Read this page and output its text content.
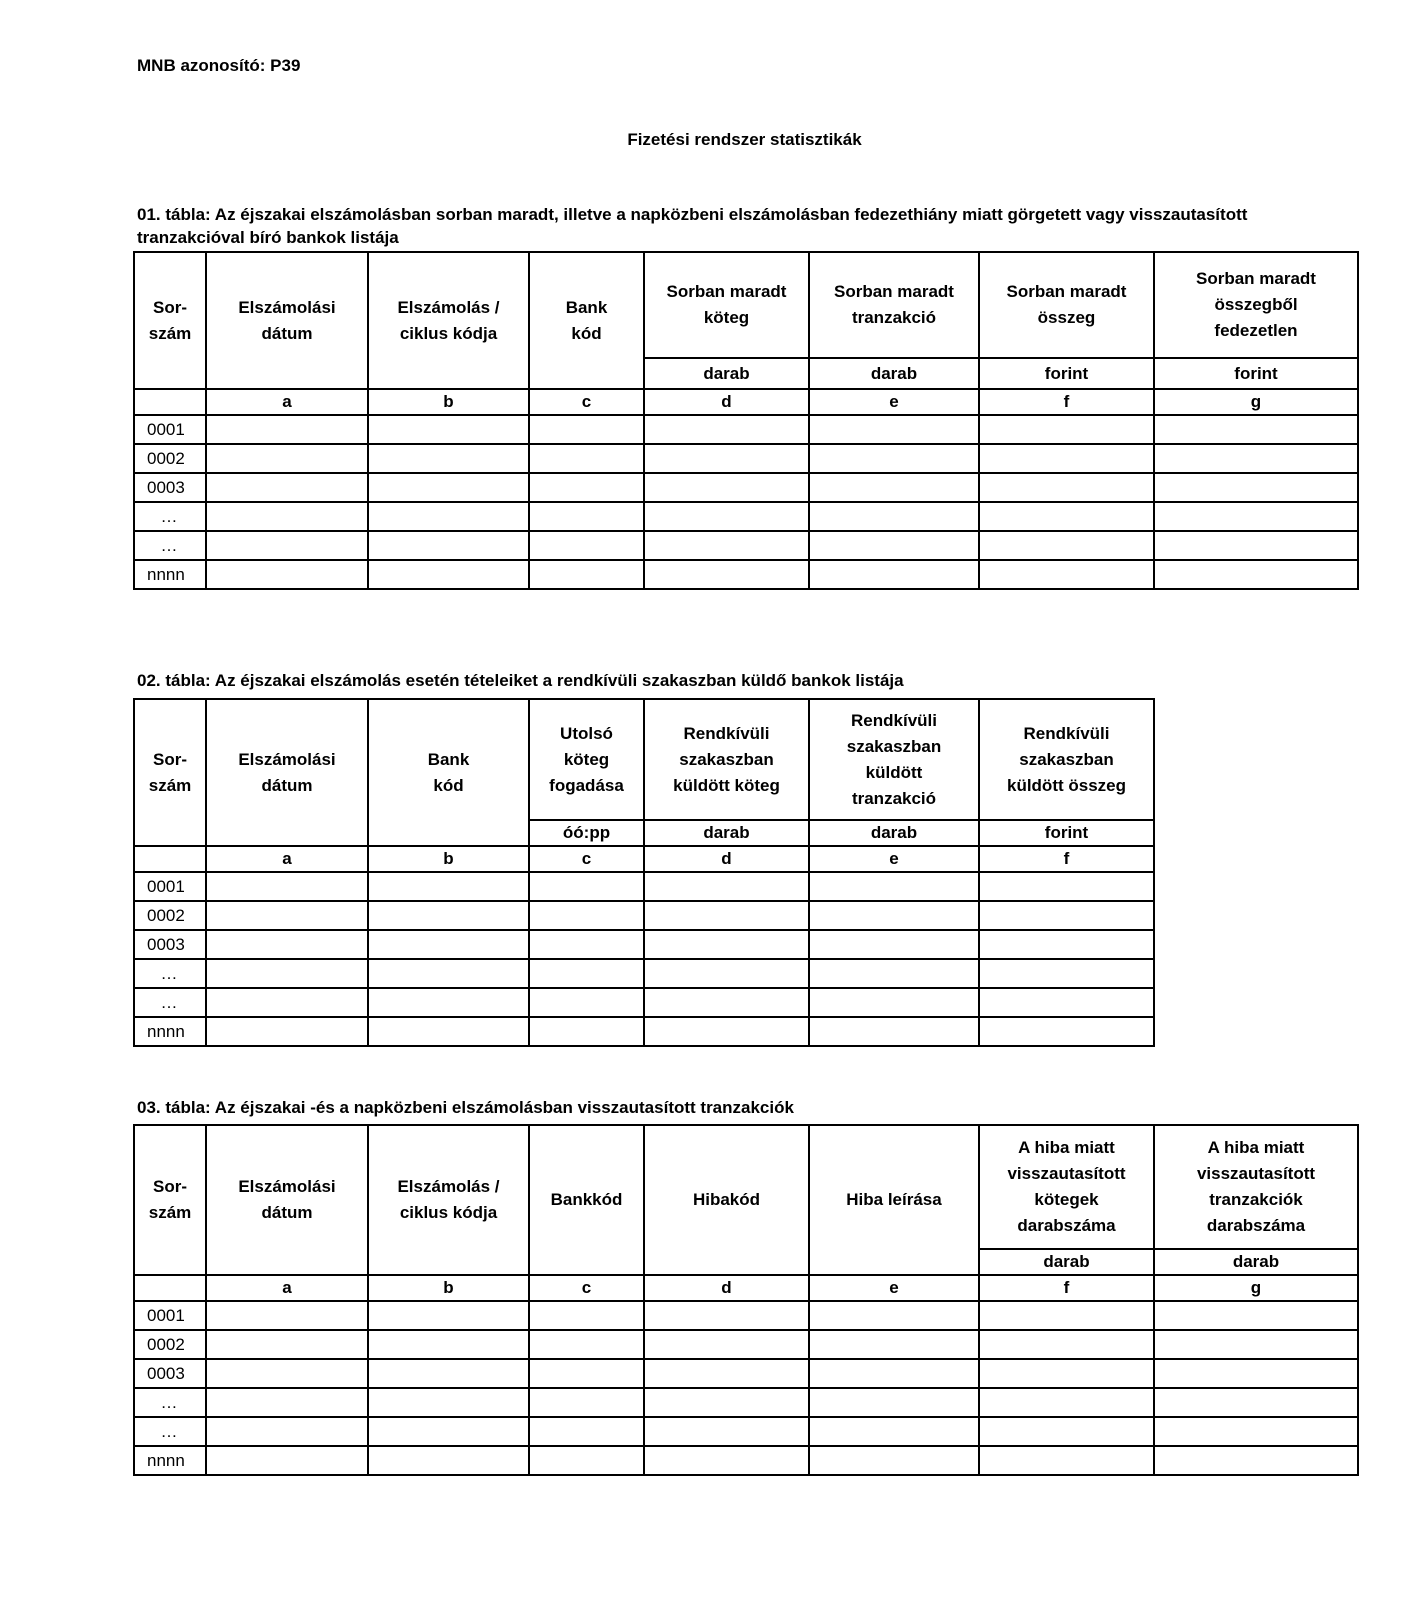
MNB azonosító: P39
Fizetési rendszer statisztikák
01. tábla: Az éjszakai elszámolásban sorban maradt, illetve a napközbeni elszámolásban fedezethiány miatt görgetett vagy visszautasított tranzakcióval bíró bankok listája
Sor-szám	Elszámolási dátum	Elszámolás / ciklus kódja	Bank kód	Sorban maradt köteg	Sorban maradt tranzakció	Sorban maradt összeg	Sorban maradt összegből fedezetlen
				darab	darab	forint	forint
	a	b	c	d	e	f	g
0001							
0002							
0003							
…							
…							
nnnn							
02. tábla: Az éjszakai elszámolás esetén tételeiket a rendkívüli szakaszban küldő bankok listája
Sor-szám	Elszámolási dátum	Bank kód	Utolsó köteg fogadása	Rendkívüli szakaszban küldött köteg	Rendkívüli szakaszban küldött tranzakció	Rendkívüli szakaszban küldött összeg
			óó:pp	darab	darab	forint
	a	b	c	d	e	f
0001						
0002						
0003						
…						
…						
nnnn						
03. tábla: Az éjszakai -és a napközbeni elszámolásban visszautasított tranzakciók
Sor-szám	Elszámolási dátum	Elszámolás / ciklus kódja	Bankkód	Hibakód	Hiba leírása	A hiba miatt visszautasított kötegek darabszáma	A hiba miatt visszautasított tranzakciók darabszáma
						darab	darab
	a	b	c	d	e	f	g
0001							
0002							
0003							
…							
…							
nnnn							
